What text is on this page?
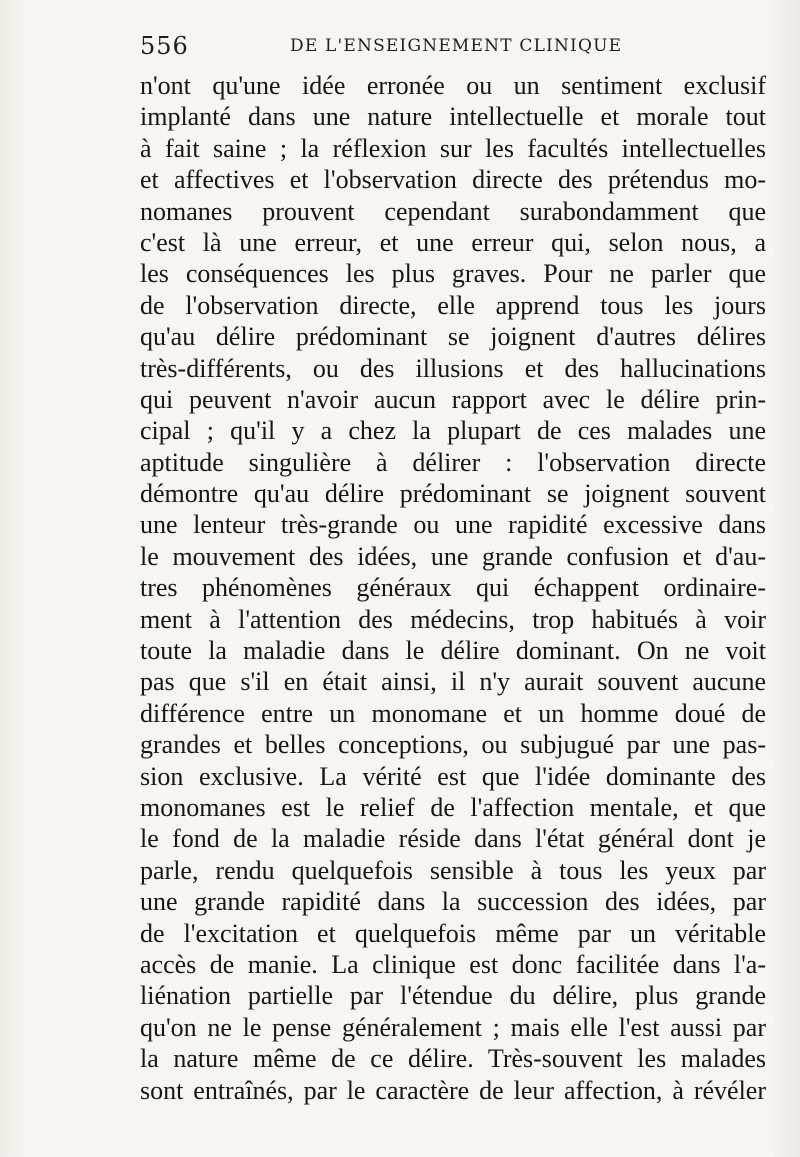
556	DE L'ENSEIGNEMENT CLINIQUE
n'ont qu'une idée erronée ou un sentiment exclusif
implanté dans une nature intellectuelle et morale tout
à fait saine ; la réflexion sur les facultés intellectuelles
et affectives et l'observation directe des prétendus mo-
nomanes prouvent cependant surabondamment que
c'est là une erreur, et une erreur qui, selon nous, a
les conséquences les plus graves. Pour ne parler que
de l'observation directe, elle apprend tous les jours
qu'au délire prédominant se joignent d'autres délires
très-différents, ou des illusions et des hallucinations
qui peuvent n'avoir aucun rapport avec le délire prin-
cipal ; qu'il y a chez la plupart de ces malades une
aptitude singulière à délirer : l'observation directe
démontre qu'au délire prédominant se joignent souvent
une lenteur très-grande ou une rapidité excessive dans
le mouvement des idées, une grande confusion et d'au-
tres phénomènes généraux qui échappent ordinaire-
ment à l'attention des médecins, trop habitués à voir
toute la maladie dans le délire dominant. On ne voit
pas que s'il en était ainsi, il n'y aurait souvent aucune
différence entre un monomane et un homme doué de
grandes et belles conceptions, ou subjugué par une pas-
sion exclusive. La vérité est que l'idée dominante des
monomanes est le relief de l'affection mentale, et que
le fond de la maladie réside dans l'état général dont je
parle, rendu quelquefois sensible à tous les yeux par
une grande rapidité dans la succession des idées, par
de l'excitation et quelquefois même par un véritable
accès de manie. La clinique est donc facilitée dans l'a-
liénation partielle par l'étendue du délire, plus grande
qu'on ne le pense généralement ; mais elle l'est aussi par
la nature même de ce délire. Très-souvent les malades
sont entraînés, par le caractère de leur affection, à révéler
